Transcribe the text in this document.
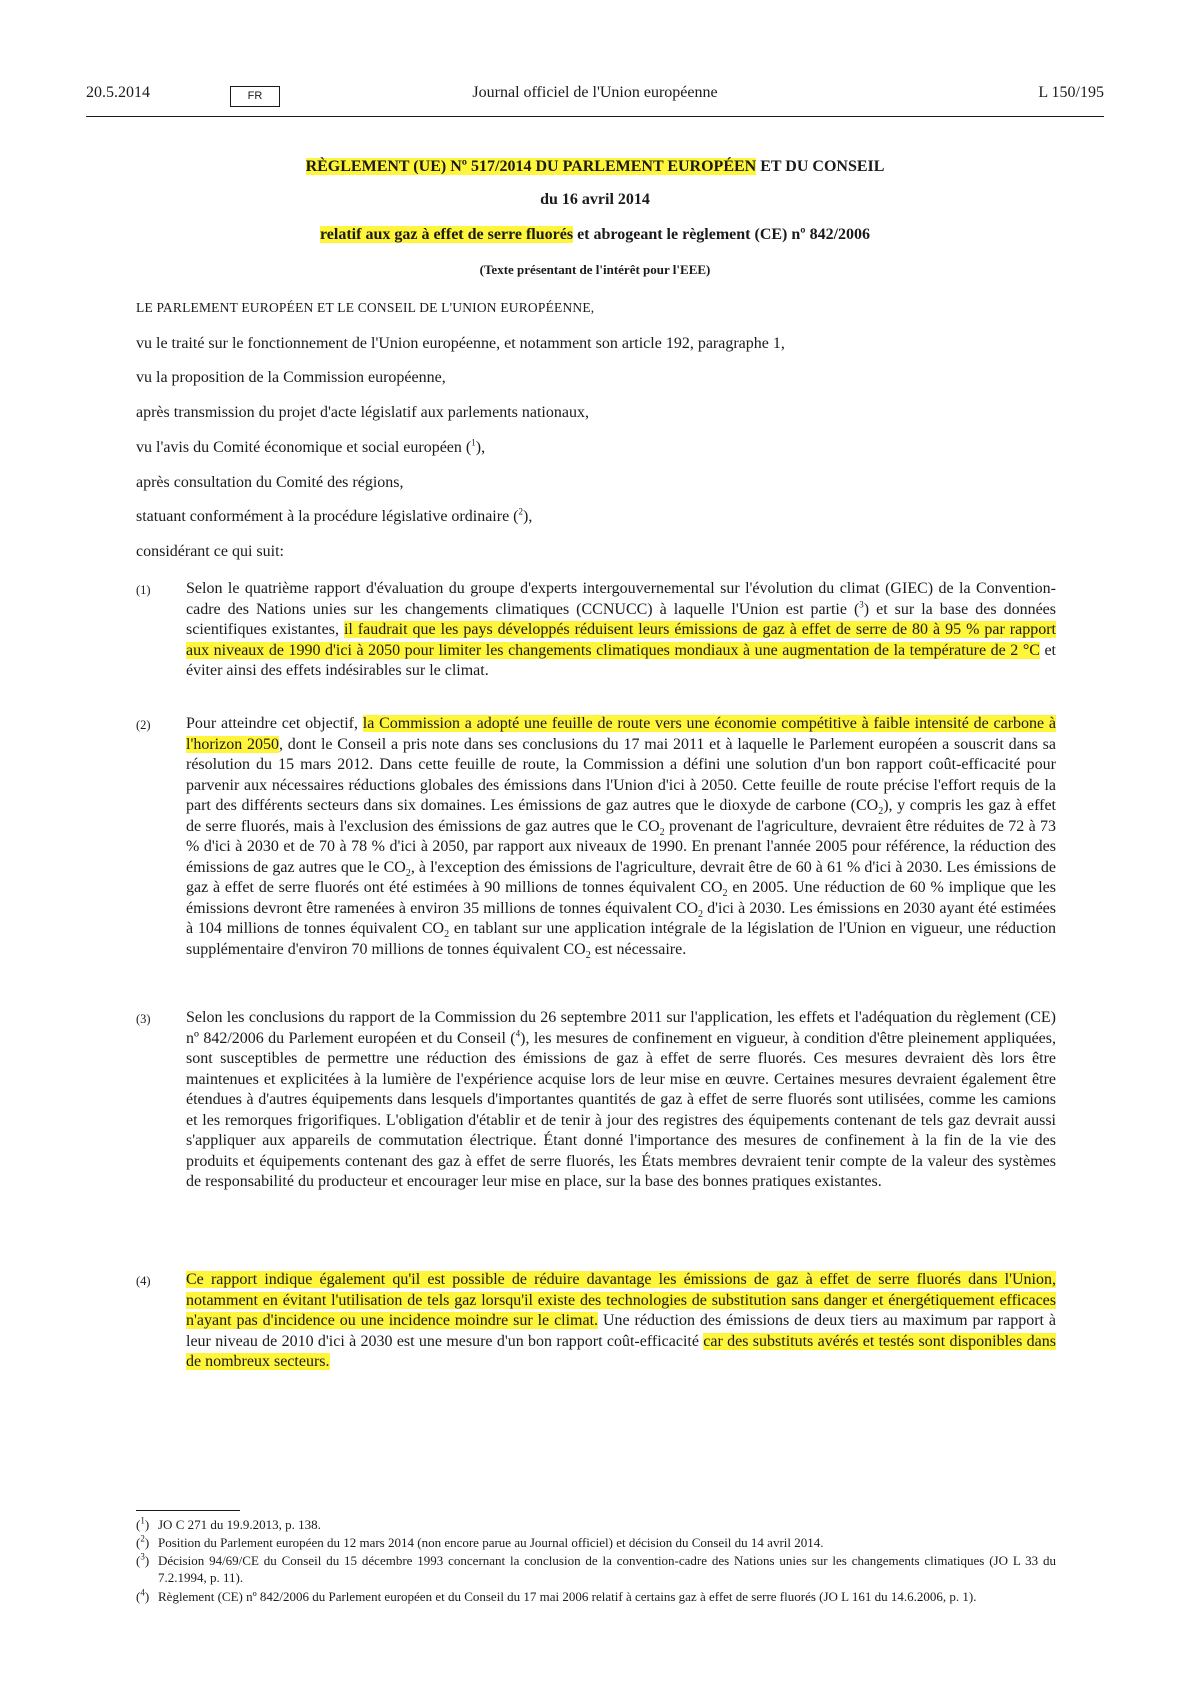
20.5.2014	FR	Journal officiel de l'Union européenne	L 150/195
RÈGLEMENT (UE) Nº 517/2014 DU PARLEMENT EUROPÉEN ET DU CONSEIL
du 16 avril 2014
relatif aux gaz à effet de serre fluorés et abrogeant le règlement (CE) nº 842/2006
(Texte présentant de l'intérêt pour l'EEE)
LE PARLEMENT EUROPÉEN ET LE CONSEIL DE L'UNION EUROPÉENNE,
vu le traité sur le fonctionnement de l'Union européenne, et notamment son article 192, paragraphe 1,
vu la proposition de la Commission européenne,
après transmission du projet d'acte législatif aux parlements nationaux,
vu l'avis du Comité économique et social européen ($^1$),
après consultation du Comité des régions,
statuant conformément à la procédure législative ordinaire ($^2$),
considérant ce qui suit:
(1) Selon le quatrième rapport d'évaluation du groupe d'experts intergouvernemental sur l'évolution du climat (GIEC) de la Convention-cadre des Nations unies sur les changements climatiques (CCNUCC) à laquelle l'Union est partie ($^3$) et sur la base des données scientifiques existantes, il faudrait que les pays développés réduisent leurs émissions de gaz à effet de serre de 80 à 95 % par rapport aux niveaux de 1990 d'ici à 2050 pour limiter les changements climatiques mondiaux à une augmentation de la température de 2 °C et éviter ainsi des effets indésirables sur le climat.
(2) Pour atteindre cet objectif, la Commission a adopté une feuille de route vers une économie compétitive à faible intensité de carbone à l'horizon 2050, dont le Conseil a pris note dans ses conclusions du 17 mai 2011 et à laquelle le Parlement européen a souscrit dans sa résolution du 15 mars 2012. Dans cette feuille de route, la Commission a défini une solution d'un bon rapport coût-efficacité pour parvenir aux nécessaires réductions globales des émissions dans l'Union d'ici à 2050. Cette feuille de route précise l'effort requis de la part des différents secteurs dans six domaines. Les émissions de gaz autres que le dioxyde de carbone $(CO_2)$, y compris les gaz à effet de serre fluorés, mais à l'exclusion des émissions de gaz autres que le $CO_2$ provenant de l'agriculture, devraient être réduites de 72 à 73 % d'ici à 2030 et de 70 à 78 % d'ici à 2050, par rapport aux niveaux de 1990. En prenant l'année 2005 pour référence, la réduction des émissions de gaz autres que le $CO_2$, à l'exception des émissions de l'agriculture, devrait être de 60 à 61 % d'ici à 2030. Les émissions de gaz à effet de serre fluorés ont été estimées à 90 millions de tonnes équivalent $CO_2$ en 2005. Une réduction de 60 % implique que les émissions devront être ramenées à environ 35 millions de tonnes équivalent $CO_2$ d'ici à 2030. Les émissions en 2030 ayant été estimées à 104 millions de tonnes équivalent $CO_2$ en tablant sur une application intégrale de la législation de l'Union en vigueur, une réduction supplémentaire d'environ 70 millions de tonnes équivalent $CO_2$ est nécessaire.
(3) Selon les conclusions du rapport de la Commission du 26 septembre 2011 sur l'application, les effets et l'adéquation du règlement (CE) nº 842/2006 du Parlement européen et du Conseil ($^4$), les mesures de confinement en vigueur, à condition d'être pleinement appliquées, sont susceptibles de permettre une réduction des émissions de gaz à effet de serre fluorés. Ces mesures devraient dès lors être maintenues et explicitées à la lumière de l'expérience acquise lors de leur mise en œuvre. Certaines mesures devraient également être étendues à d'autres équipements dans lesquels d'importantes quantités de gaz à effet de serre fluorés sont utilisées, comme les camions et les remorques frigorifiques. L'obligation d'établir et de tenir à jour des registres des équipements contenant de tels gaz devrait aussi s'appliquer aux appareils de commutation électrique. Étant donné l'importance des mesures de confinement à la fin de la vie des produits et équipements contenant des gaz à effet de serre fluorés, les États membres devraient tenir compte de la valeur des systèmes de responsabilité du producteur et encourager leur mise en place, sur la base des bonnes pratiques existantes.
(4) Ce rapport indique également qu'il est possible de réduire davantage les émissions de gaz à effet de serre fluorés dans l'Union, notamment en évitant l'utilisation de tels gaz lorsqu'il existe des technologies de substitution sans danger et énergétiquement efficaces n'ayant pas d'incidence ou une incidence moindre sur le climat. Une réduction des émissions de deux tiers au maximum par rapport à leur niveau de 2010 d'ici à 2030 est une mesure d'un bon rapport coût-efficacité car des substituts avérés et testés sont disponibles dans de nombreux secteurs.
($^1$) JO C 271 du 19.9.2013, p. 138.
($^2$) Position du Parlement européen du 12 mars 2014 (non encore parue au Journal officiel) et décision du Conseil du 14 avril 2014.
($^3$) Décision 94/69/CE du Conseil du 15 décembre 1993 concernant la conclusion de la convention-cadre des Nations unies sur les changements climatiques (JO L 33 du 7.2.1994, p. 11).
($^4$) Règlement (CE) nº 842/2006 du Parlement européen et du Conseil du 17 mai 2006 relatif à certains gaz à effet de serre fluorés (JO L 161 du 14.6.2006, p. 1).
